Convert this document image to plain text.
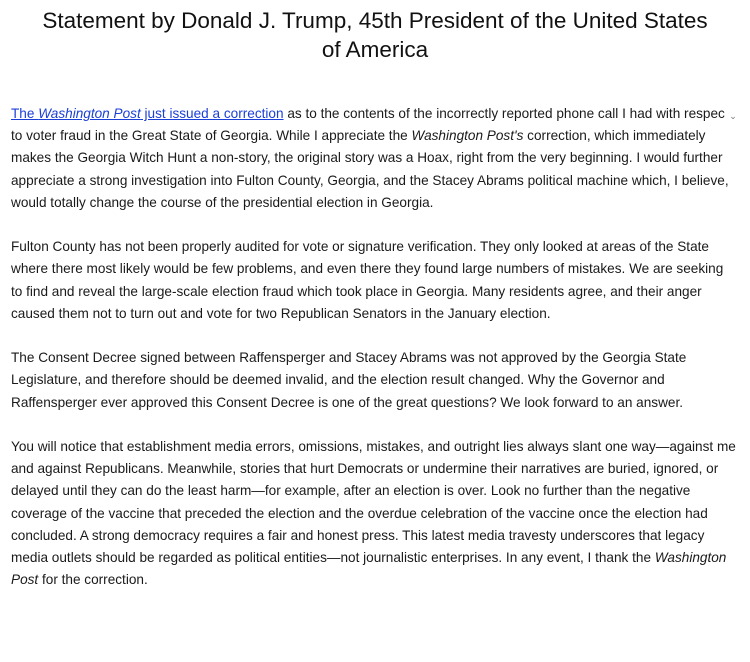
Statement by Donald J. Trump, 45th President of the United States
of America

The Washington Post just issued a correction as to the contents of the incorrectly reported phone call I had with respec
to voter fraud in the Great State of Georgia. While I appreciate the Washington Post's correction, which immediately
makes the Georgia Witch Hunt a non-story, the original story was a Hoax, right from the very beginning. I would further
appreciate a strong investigation into Fulton County, Georgia, and the Stacey Abrams political machine which, I believe,
would totally change the course of the presidential election in Georgia.

Fulton County has not been properly audited for vote or signature verification. They only looked at areas of the State
where there most likely would be few problems, and even there they found large numbers of mistakes. We are seeking
to find and reveal the large-scale election fraud which took place in Georgia. Many residents agree, and their anger
caused them not to turn out and vote for two Republican Senators in the January election.

The Consent Decree signed between Raffensperger and Stacey Abrams was not approved by the Georgia State
Legislature, and therefore should be deemed invalid, and the election result changed. Why the Governor and
Raffensperger ever approved this Consent Decree is one of the great questions? We look forward to an answer.

You will notice that establishment media errors, omissions, mistakes, and outright lies always slant one way—against me
and against Republicans. Meanwhile, stories that hurt Democrats or undermine their narratives are buried, ignored, or
delayed until they can do the least harm—for example, after an election is over. Look no further than the negative
coverage of the vaccine that preceded the election and the overdue celebration of the vaccine once the election had
concluded. A strong democracy requires a fair and honest press. This latest media travesty underscores that legacy
media outlets should be regarded as political entities—not journalistic enterprises. In any event, I thank the Washington
Post for the correction.

⌄
